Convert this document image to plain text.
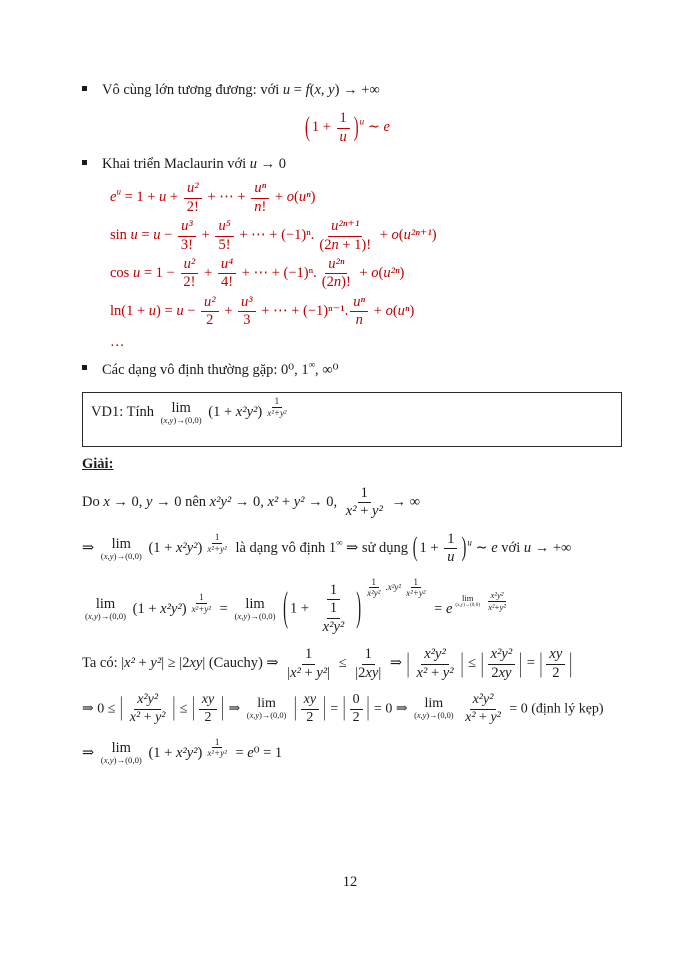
Vô cùng lớn tương đương: với u = f(x, y) → +∞
( $1 + \frac{1}{u}$ ) $^u$ ∼ e
Khai triển Maclaurin với u → 0
$e^u = 1 + u + \frac{\text{u²}}{2!}$ + ⋯ + $\frac{\text{uⁿ}}{n!} + o(u^n)$
$\sin u = u - \frac{\text{u³}}{3!} + \frac{\text{u⁵}}{5!}$ + ⋯ + (−1)ⁿ. $\frac{\text{u²ⁿ⁺¹}}{(2n + 1)!} + o(u^{2n+1})$
$\cos u = 1 - \frac{\text{u²}}{2!} + \frac{\text{u⁴}}{4!}$ + ⋯ + (−1)ⁿ. $\frac{\text{u²ⁿ}}{(2n)!} + o(u^{2n})$
$\ln(1 + u) = u - \frac{\text{u²}}{2} + \frac{\text{u³}}{3}$ + ⋯ + (−1)ⁿ⁻¹. $\frac{\text{uⁿ}}{n} + o(u^n)$
…
Các dạng vô định thường gặp: 0⁰, 1∞, ∞⁰
VD1: Tính lim
(x,y)→(0,0) (1 + x²y²) $^{\frac{1}{\text{x²+y²}}}$
Giải:
Do x → 0, y → 0 nên x²y² → 0, x² + y² → 0, $\frac{1}{\text{x² + y²}}$ → ∞
⇒ lim
(x,y)→(0,0) (1 + x²y²) $^{\frac{1}{\text{x²+y²}}}$ là dạng vô định 1∞ ⇒ sử dụng ( $1 + \frac{1}{u}$ ) $^u$ ∼ e với u → +∞
lim
(x,y)→(0,0) (1 + x²y²) $^{\frac{1}{\text{x²+y²}}}$ = lim
(x,y)→(0,0)
( $1 + \frac{1}{\frac{1}{\text{x²y²}}}$ ) $^{\frac{1}{\text{x²y²}} .x^2y^2 \frac{1}{\text{x²+y²}}}$
= e
$^{lim (x,y)\to(0,0) \frac{\text{x²y²}}{\text{x²+y²}}}$
Ta có: |x² + y²| ≥ |2xy| (Cauchy) ⇒ $\frac{1}{\text{|x² + y²|}} \le \frac{1}{|2xy|}$ ⇒ | $\frac{\text{x²y²}}{\text{x² + y²}}$ | ≤ | $\frac{\text{x²y²}}{2xy}$ | = | $\frac{xy}{2}$ |
⇒ 0 ≤ | $\frac{\text{x²y²}}{\text{x² + y²}}$ | ≤ | $\frac{xy}{2}$ | ⇒ lim
(x,y)→(0,0)
| $\frac{xy}{2}$ | = | $\frac{0}{2}$ | = 0 ⇒ lim
(x,y)→(0,0)
$\frac{\text{x²y²}}{\text{x² + y²}} = 0$ (định lý kẹp)
⇒ lim
(x,y)→(0,0) (1 + x²y²) $^{\frac{1}{\text{x²+y²}}}$ = e⁰ = 1
12
